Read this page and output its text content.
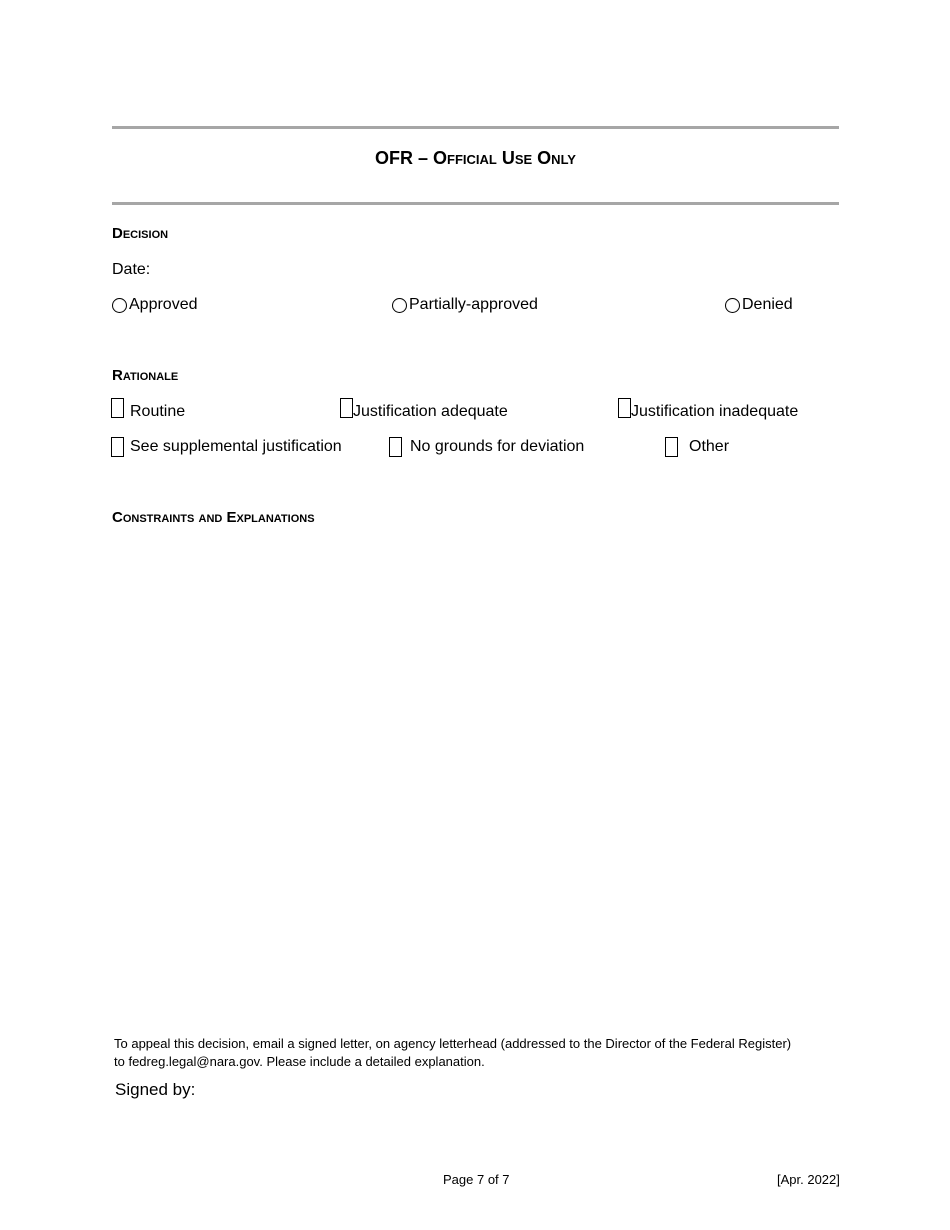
OFR – Official Use Only
Decision
Date:
Approved	Partially-approved	Denied
Rationale
Routine	Justification adequate	Justification inadequate
See supplemental justification	No grounds for deviation	Other
Constraints and Explanations
To appeal this decision, email a signed letter, on agency letterhead (addressed to the Director of the Federal Register)
to fedreg.legal@nara.gov. Please include a detailed explanation.
Signed by:
Page 7 of 7	[Apr. 2022]
